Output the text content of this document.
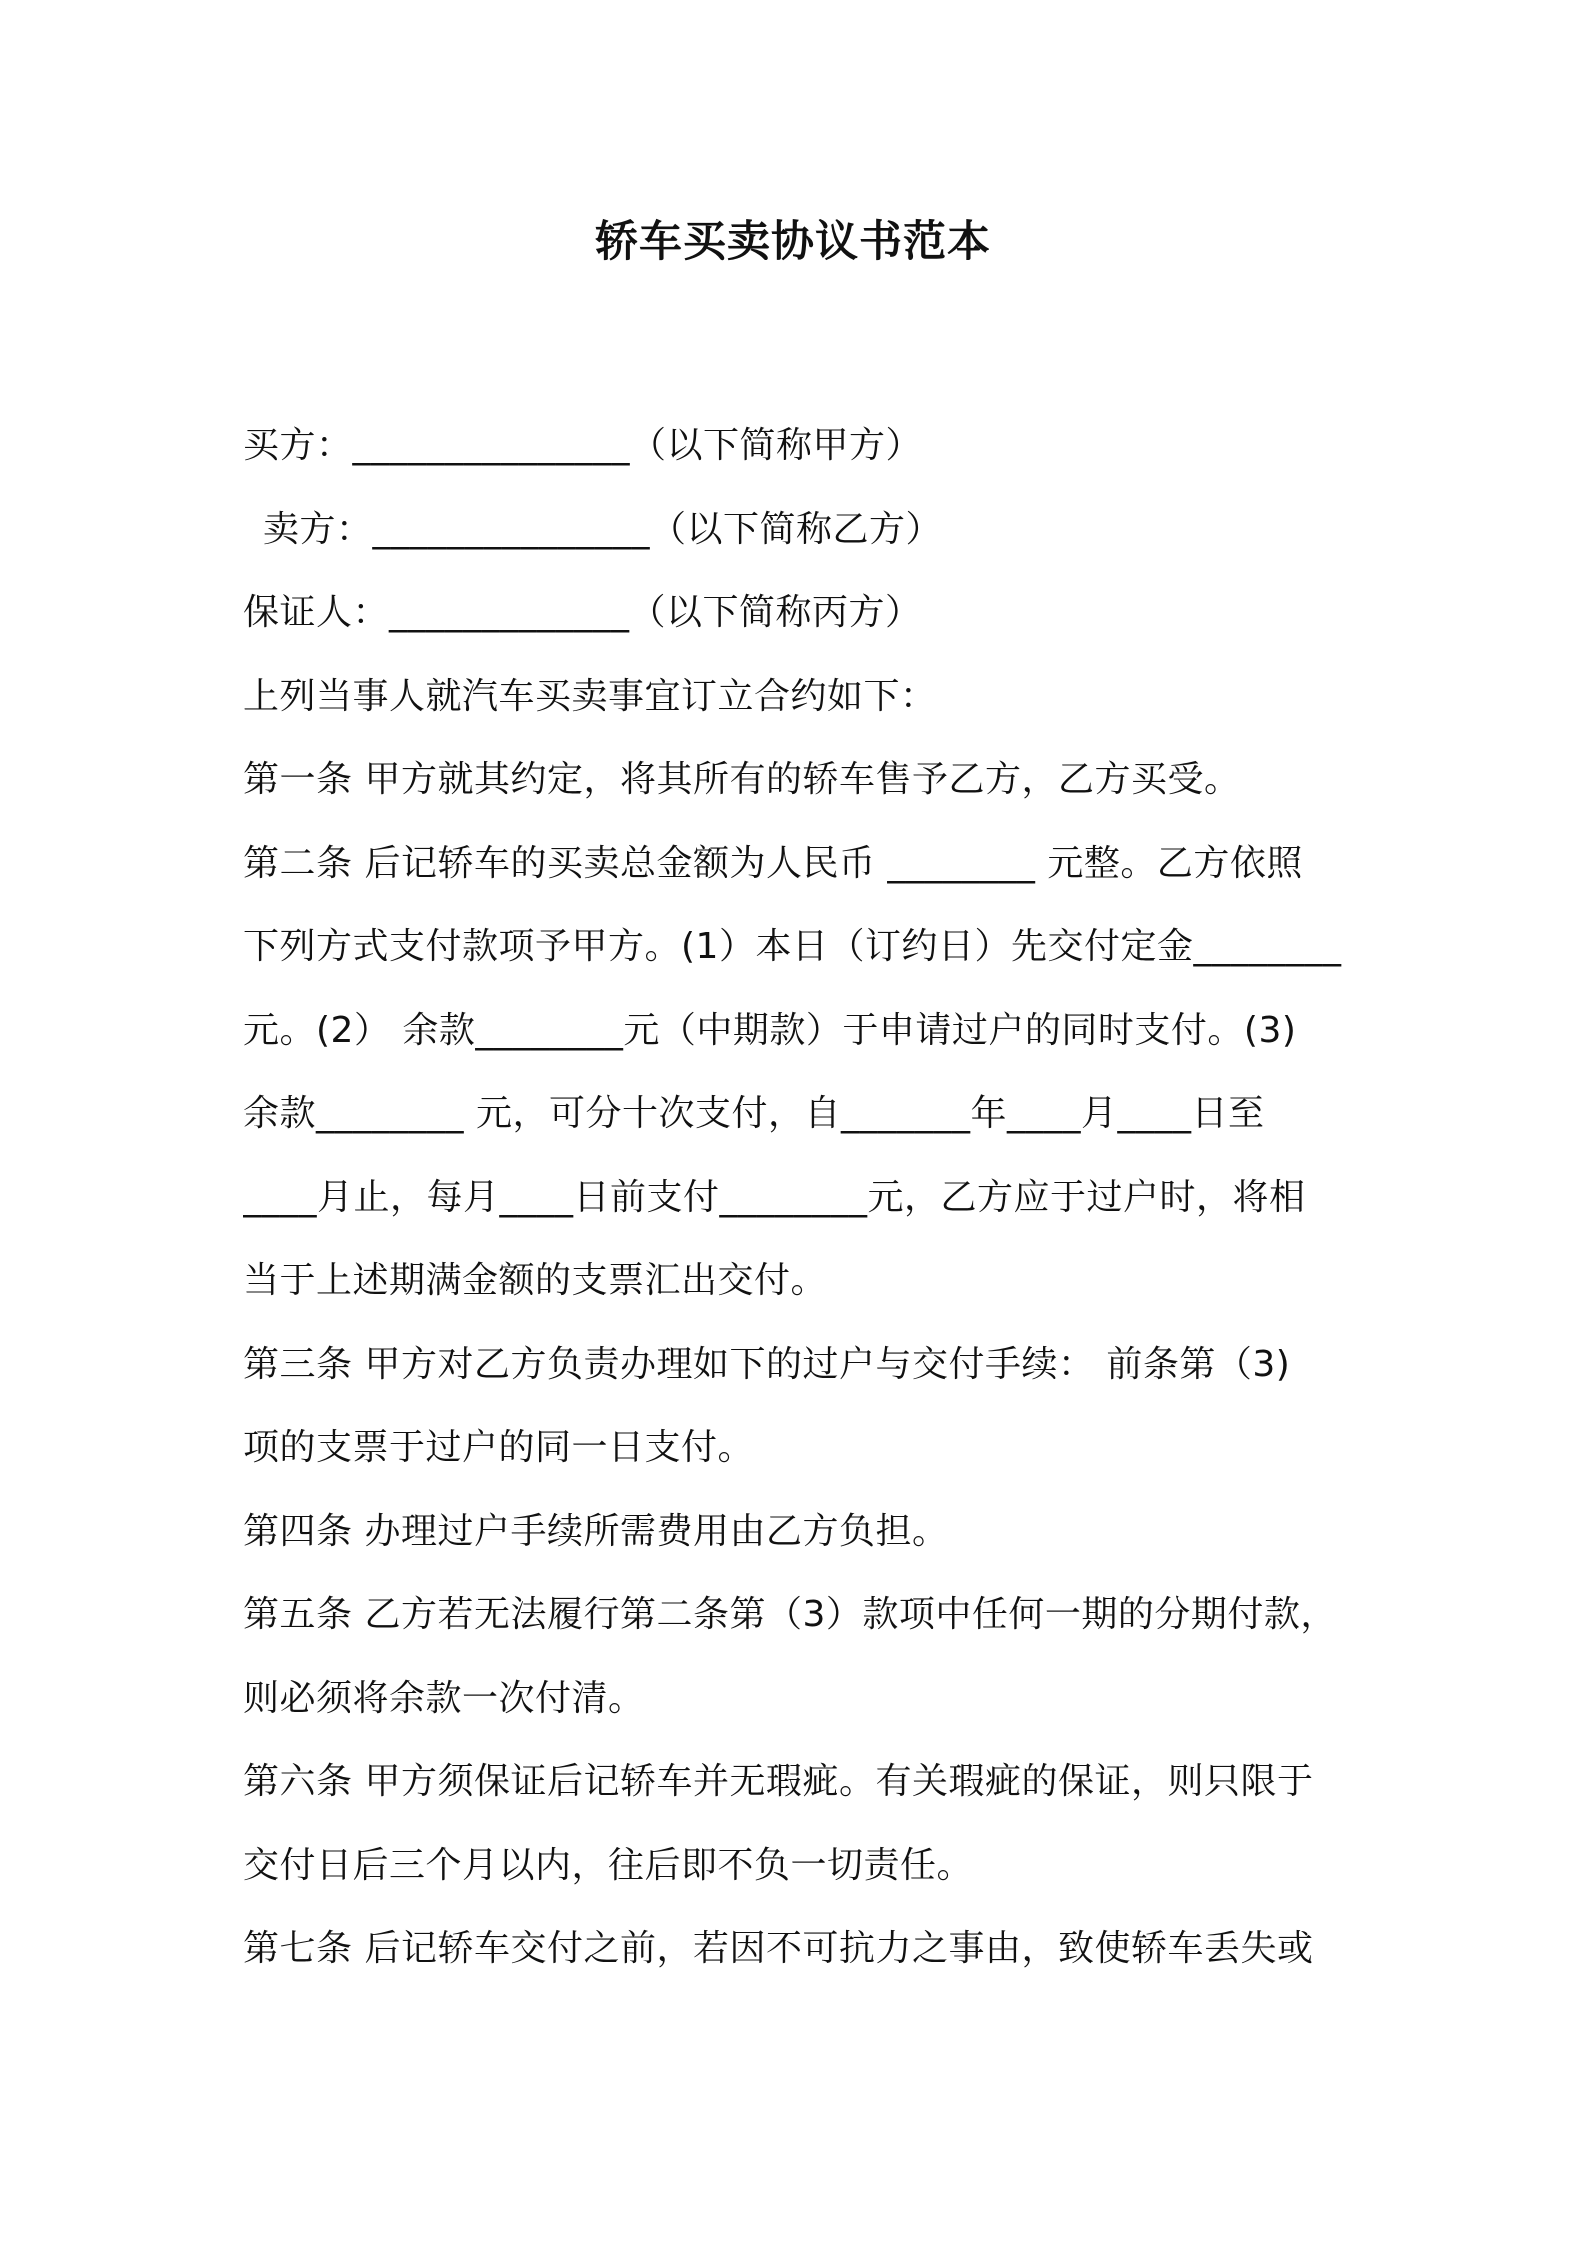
轿车买卖协议书范本
买方：_______________（以下简称甲方）
卖方：_______________（以下简称乙方）
保证人：_____________（以下简称丙方）
上列当事人就汽车买卖事宜订立合约如下：
第一条 甲方就其约定，将其所有的轿车售予乙方，乙方买受。
第二条 后记轿车的买卖总金额为人民币 ________ 元整。乙方依照
下列方式支付款项予甲方。(1）本日（订约日）先交付定金________
元。(2） 余款________元（中期款）于申请过户的同时支付。(3)
余款________ 元，可分十次支付，自_______年____月____日至
____月止，每月____日前支付________元，乙方应于过户时，将相
当于上述期满金额的支票汇出交付。
第三条 甲方对乙方负责办理如下的过户与交付手续： 前条第（3)
项的支票于过户的同一日支付。
第四条 办理过户手续所需费用由乙方负担。
第五条 乙方若无法履行第二条第（3）款项中任何一期的分期付款，
则必须将余款一次付清。
第六条 甲方须保证后记轿车并无瑕疵。有关瑕疵的保证，则只限于
交付日后三个月以内，往后即不负一切责任。
第七条 后记轿车交付之前，若因不可抗力之事由，致使轿车丢失或
